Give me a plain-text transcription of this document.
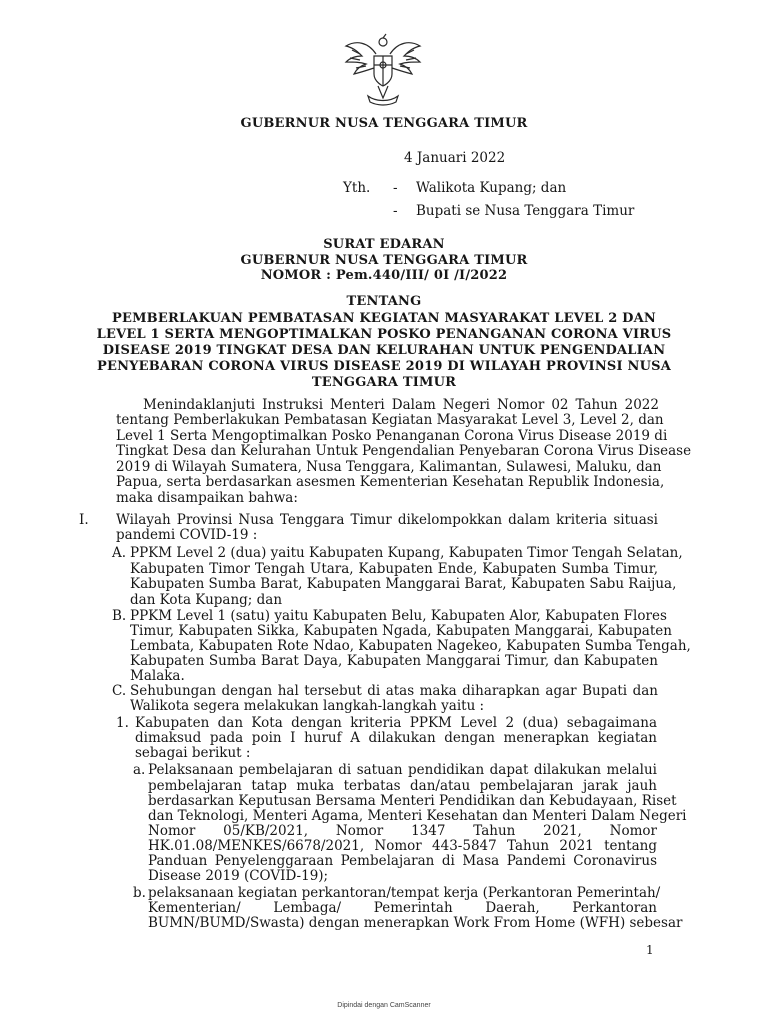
GUBERNUR NUSA TENGGARA TIMUR
4 Januari 2022
Yth. - Walikota Kupang; dan
- Bupati se Nusa Tenggara Timur
SURAT EDARAN
GUBERNUR NUSA TENGGARA TIMUR
NOMOR : Pem.440/III/ 0I /I/2022
TENTANG
PEMBERLAKUAN PEMBATASAN KEGIATAN MASYARAKAT LEVEL 2 DAN
LEVEL 1 SERTA MENGOPTIMALKAN POSKO PENANGANAN CORONA VIRUS
DISEASE 2019 TINGKAT DESA DAN KELURAHAN UNTUK PENGENDALIAN
PENYEBARAN CORONA VIRUS DISEASE 2019 DI WILAYAH PROVINSI NUSA
TENGGARA TIMUR
Menindaklanjuti Instruksi Menteri Dalam Negeri Nomor 02 Tahun 2022
tentang Pemberlakukan Pembatasan Kegiatan Masyarakat Level 3, Level 2, dan
Level 1 Serta Mengoptimalkan Posko Penanganan Corona Virus Disease 2019 di
Tingkat Desa dan Kelurahan Untuk Pengendalian Penyebaran Corona Virus Disease
2019 di Wilayah Sumatera, Nusa Tenggara, Kalimantan, Sulawesi, Maluku, dan
Papua, serta berdasarkan asesmen Kementerian Kesehatan Republik Indonesia,
maka disampaikan bahwa:
I. Wilayah Provinsi Nusa Tenggara Timur dikelompokkan dalam kriteria situasi
pandemi COVID-19 :
A. PPKM Level 2 (dua) yaitu Kabupaten Kupang, Kabupaten Timor Tengah Selatan,
Kabupaten Timor Tengah Utara, Kabupaten Ende, Kabupaten Sumba Timur,
Kabupaten Sumba Barat, Kabupaten Manggarai Barat, Kabupaten Sabu Raijua,
dan Kota Kupang; dan
B. PPKM Level 1 (satu) yaitu Kabupaten Belu, Kabupaten Alor, Kabupaten Flores
Timur, Kabupaten Sikka, Kabupaten Ngada, Kabupaten Manggarai, Kabupaten
Lembata, Kabupaten Rote Ndao, Kabupaten Nagekeo, Kabupaten Sumba Tengah,
Kabupaten Sumba Barat Daya, Kabupaten Manggarai Timur, dan Kabupaten
Malaka.
C. Sehubungan dengan hal tersebut di atas maka diharapkan agar Bupati dan
Walikota segera melakukan langkah-langkah yaitu :
1. Kabupaten dan Kota dengan kriteria PPKM Level 2 (dua) sebagaimana
dimaksud pada poin I huruf A dilakukan dengan menerapkan kegiatan
sebagai berikut :
a. Pelaksanaan pembelajaran di satuan pendidikan dapat dilakukan melalui
pembelajaran tatap muka terbatas dan/atau pembelajaran jarak jauh
berdasarkan Keputusan Bersama Menteri Pendidikan dan Kebudayaan, Riset
dan Teknologi, Menteri Agama, Menteri Kesehatan dan Menteri Dalam Negeri
Nomor 05/KB/2021, Nomor 1347 Tahun 2021, Nomor
HK.01.08/MENKES/6678/2021, Nomor 443-5847 Tahun 2021 tentang
Panduan Penyelenggaraan Pembelajaran di Masa Pandemi Coronavirus
Disease 2019 (COVID-19);
b. pelaksanaan kegiatan perkantoran/tempat kerja (Perkantoran Pemerintah/
Kementerian/ Lembaga/ Pemerintah Daerah, Perkantoran
BUMN/BUMD/Swasta) dengan menerapkan Work From Home (WFH) sebesar
1
Dipindai dengan CamScanner
